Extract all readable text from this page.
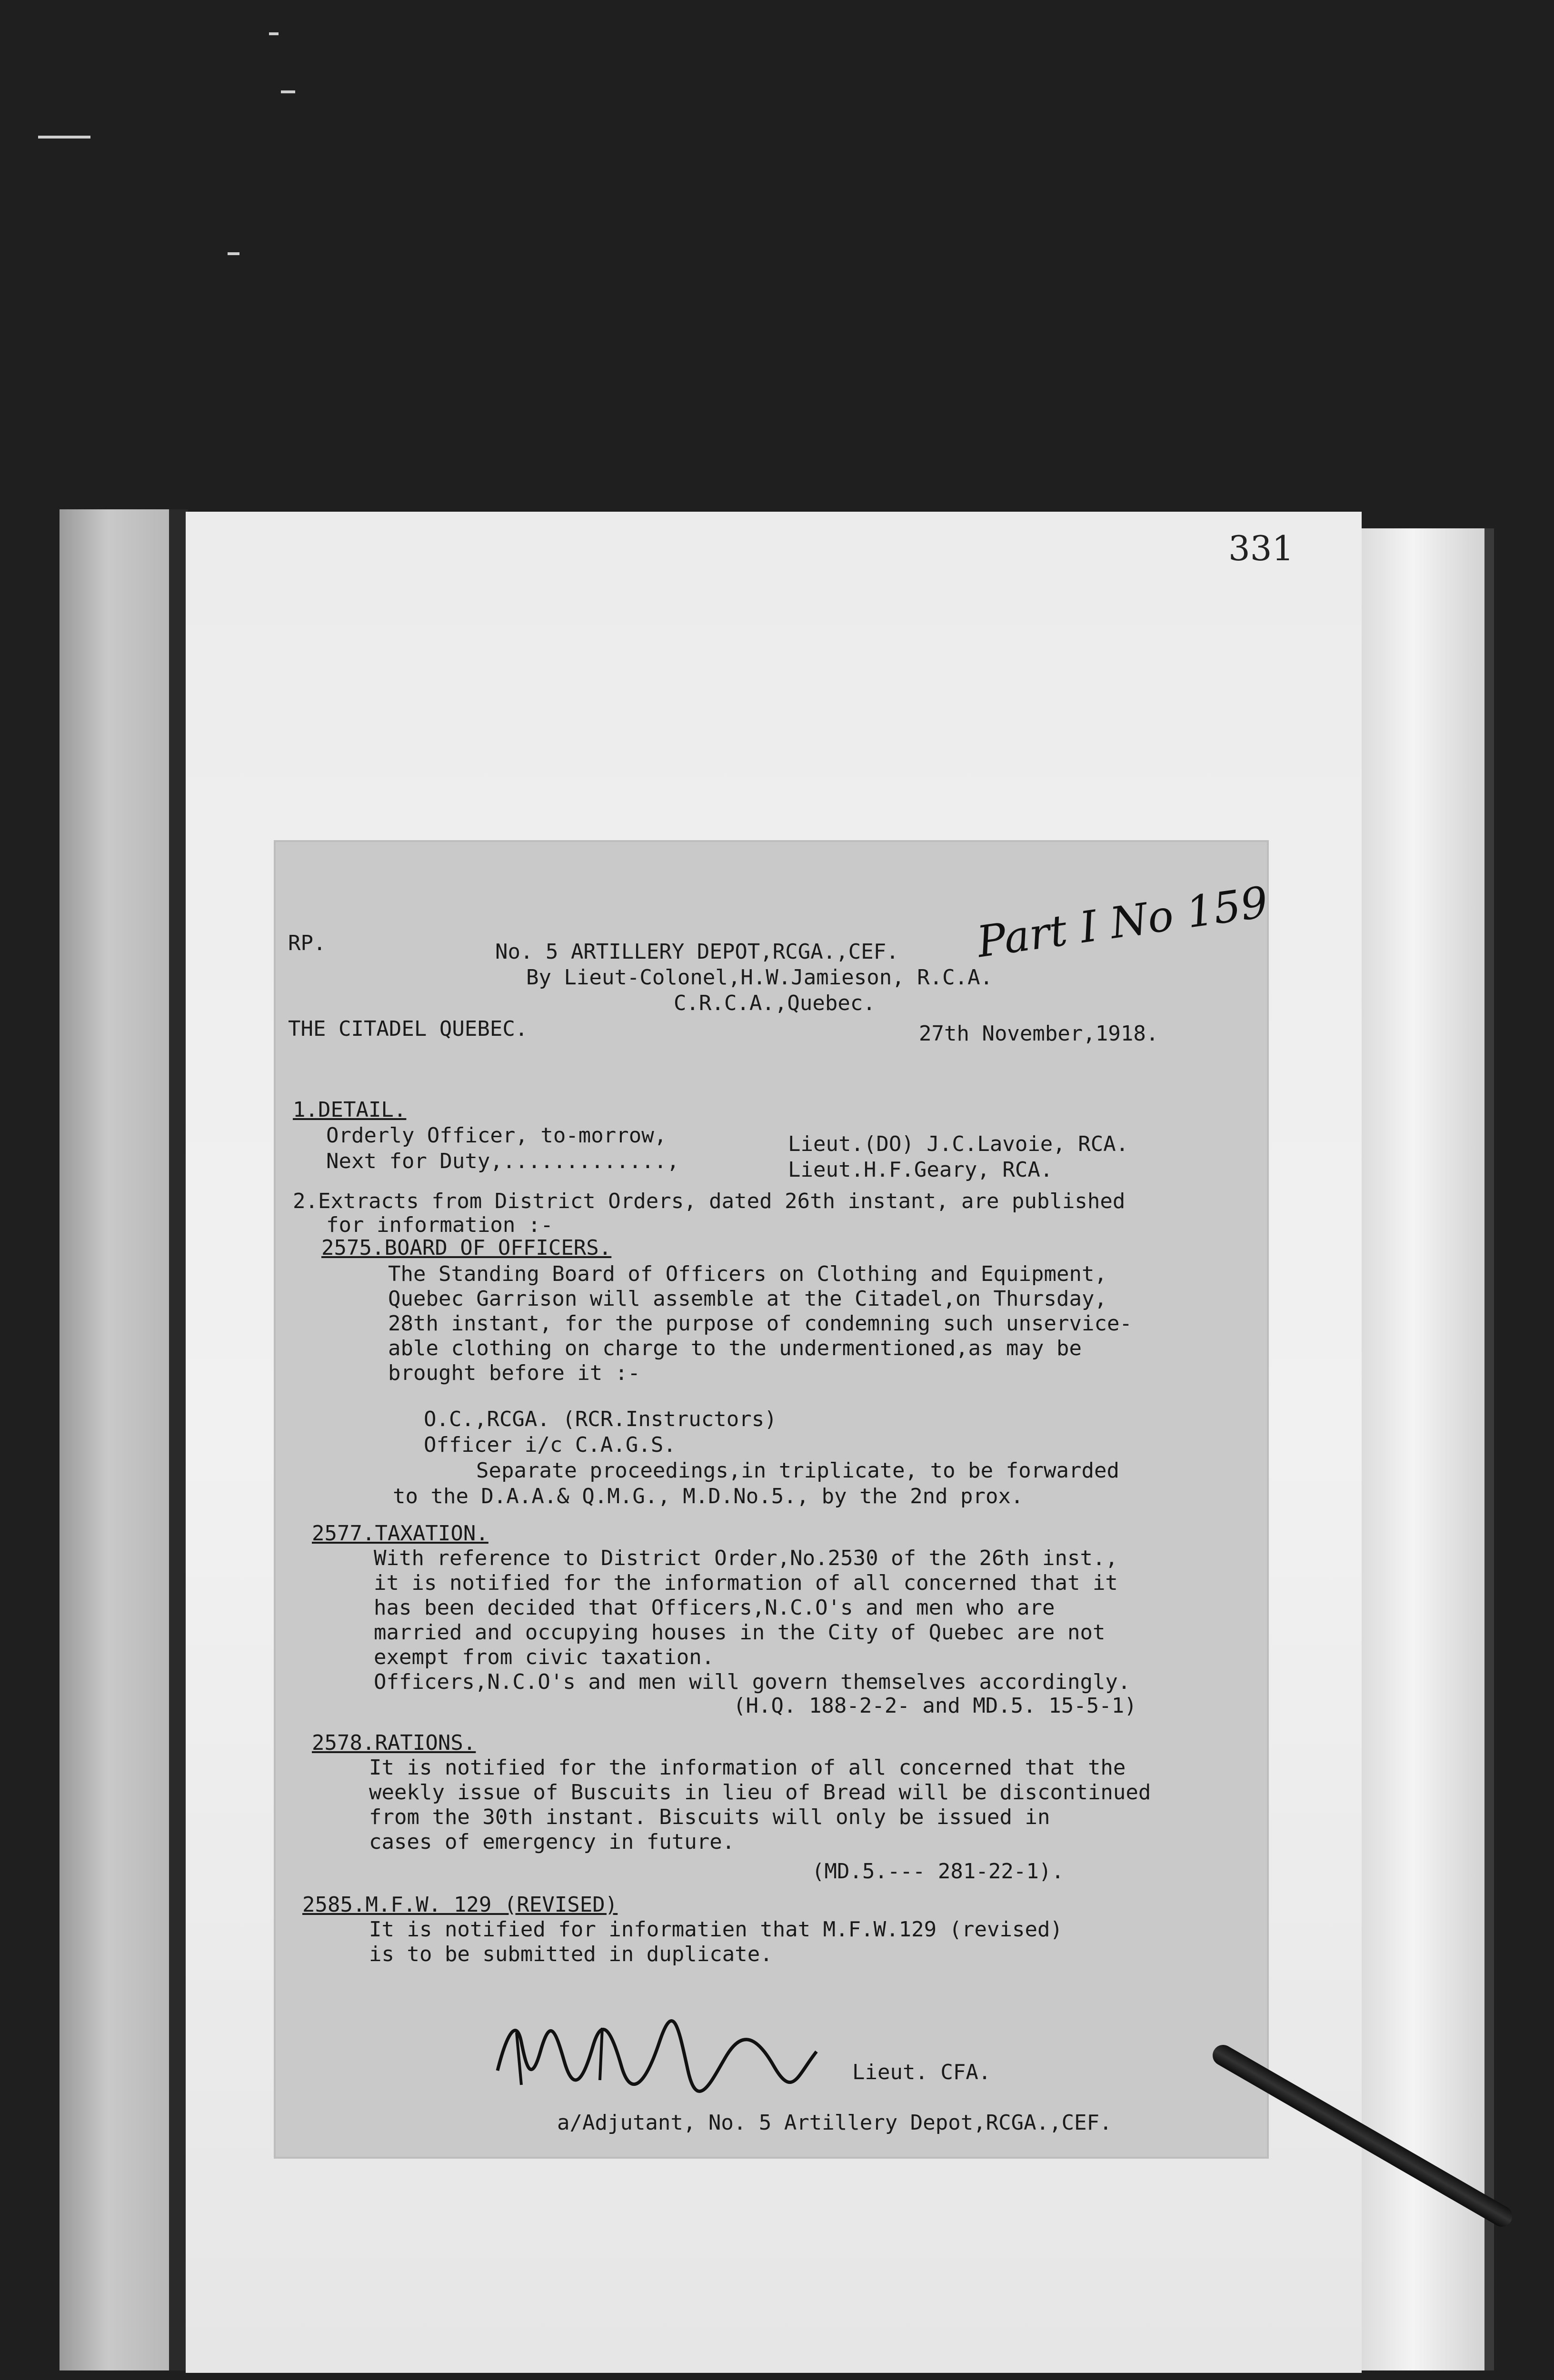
331
RP.	No. 5 ARTILLERY DEPOT,RCGA.,CEF.
By Lieut-Colonel,H.W.Jamieson, R.C.A.
C.R.C.A.,Quebec.
THE CITADEL QUEBEC.	27th November,1918.
1.DETAIL.
Orderly Officer, to-morrow,	Lieut.(DO) J.C.Lavoie, RCA.
Next for Duty,.............,	Lieut.H.F.Geary, RCA.
2.Extracts from District Orders, dated 26th instant, are published
for information :-
2575.BOARD OF OFFICERS.
The Standing Board of Officers on Clothing and Equipment,
Quebec Garrison will assemble at the Citadel,on Thursday,
28th instant, for the purpose of condemning such unservice-
able clothing on charge to the undermentioned,as may be
brought before it :-
O.C.,RCGA. (RCR.Instructors)
Officer i/c C.A.G.S.
Separate proceedings,in triplicate, to be forwarded
to the D.A.A.& Q.M.G., M.D.No.5., by the 2nd prox.
2577.TAXATION.
With reference to District Order,No.2530 of the 26th inst.,
it is notified for the information of all concerned that it
has been decided that Officers,N.C.O's and men who are
married and occupying houses in the City of Quebec are not
exempt from civic taxation.
Officers,N.C.O's and men will govern themselves accordingly.
(H.Q. 188-2-2- and MD.5. 15-5-1)
2578.RATIONS.
It is notified for the information of all concerned that the
weekly issue of Buscuits in lieu of Bread will be discontinued
from the 30th instant. Biscuits will only be issued in
cases of emergency in future.
(MD.5.--- 281-22-1).
2585.M.F.W. 129 (REVISED)
It is notified for informatien that M.F.W.129 (revised)
is to be submitted in duplicate.
Lieut. CFA.
a/Adjutant, No. 5 Artillery Depot,RCGA.,CEF.
Part I No 159
